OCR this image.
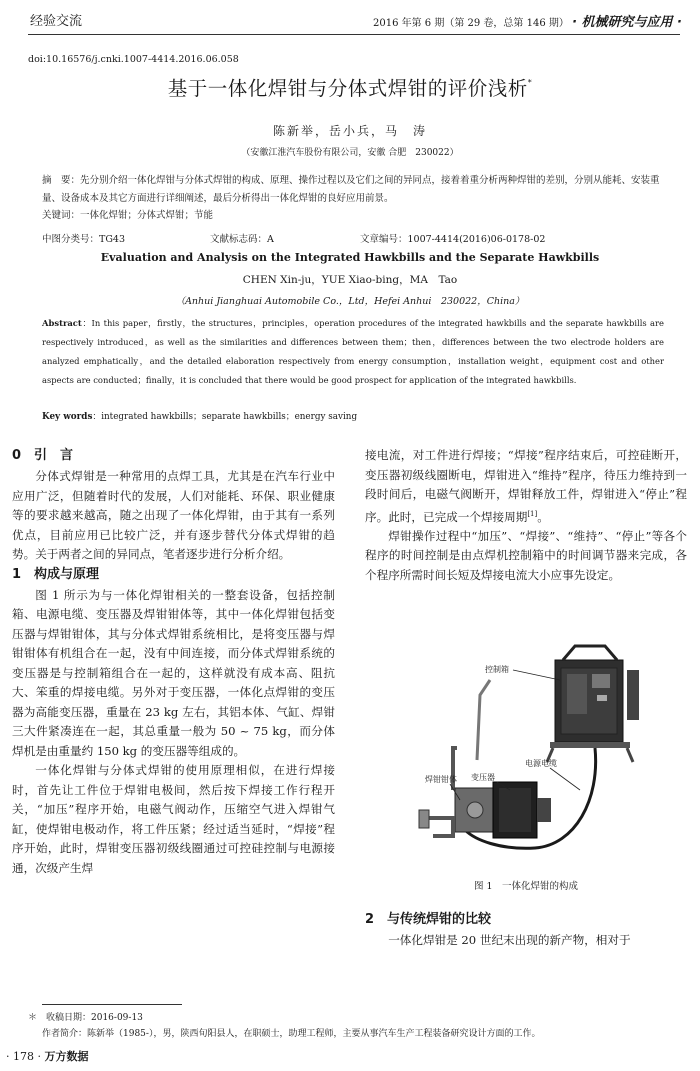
经验交流	2016 年第 6 期（第 29 卷，总第 146 期） · 机械研究与应用 ·
doi:10.16576/j.cnki.1007-4414.2016.06.058
基于一体化焊钳与分体式焊钳的评价浅析*
陈新举，岳小兵，马　涛
（安徽江淮汽车股份有限公司，安徽 合肥　230022）
摘　要：先分别介绍一体化焊钳与分体式焊钳的构成、原理、操作过程以及它们之间的异同点，接着着重分析两种焊钳的差别，分别从能耗、安装重量、设备成本及其它方面进行详细阐述，最后分析得出一体化焊钳的良好应用前景。
关键词：一体化焊钳；分体式焊钳；节能
中图分类号：TG43	文献标志码：A	文章编号：1007-4414(2016)06-0178-02
Evaluation and Analysis on the Integrated Hawkbills and the Separate Hawkbills
CHEN Xin-ju，YUE Xiao-bing，MA　Tao
（Anhui Jianghuai Automobile Co.，Ltd，Hefei Anhui　230022，China）
Abstract：In this paper，firstly，the structures，principles，operation procedures of the integrated hawkbills and the separate hawkbills are respectively introduced，as well as the similarities and differences between them；then，differences between the two electrode holders are analyzed emphatically，and the detailed elaboration respectively from energy consumption，installation weight，equipment cost and other aspects are conducted；finally，it is concluded that there would be good prospect for application of the integrated hawkbills.
Key words：integrated hawkbills；separate hawkbills；energy saving
0 引　言

分体式焊钳是一种常用的点焊工具，尤其是在汽车行业中应用广泛，但随着时代的发展，人们对能耗、环保、职业健康等的要求越来越高，随之出现了一体化焊钳，由于其有一系列优点，目前应用已比较广泛，并有逐步替代分体式焊钳的趋势。关于两者之间的异同点，笔者逐步进行分析介绍。

1 构成与原理

图 1 所示为与一体化焊钳相关的一整套设备，包括控制箱、电源电缆、变压器及焊钳钳体等，其中一体化焊钳包括变压器与焊钳钳体，其与分体式焊钳系统相比，是将变压器与焊钳钳体有机组合在一起，没有中间连接，而分体式焊钳系统的变压器是与控制箱组合在一起的，这样就没有成本高、阻抗大、笨重的焊接电缆。另外对于变压器，一体化点焊钳的变压器为高能变压器，重量在 23 kg 左右，其铝本体、气缸、焊钳三大件紧凑连在一起，其总重量一般为 50 ~ 75 kg，而分体焊机是由重量约 150 kg 的变压器等组成的。

一体化焊钳与分体式焊钳的使用原理相似，在进行焊接时，首先让工件位于焊钳电极间，然后按下焊接工作行程开关，“加压”程序开始，电磁气阀动作，压缩空气进入焊钳气缸，使焊钳电极动作，将工件压紧；经过适当延时，“焊接”程序开始，此时，焊钳变压器初级线圈通过可控硅控制与电源接通，次级产生焊

接电流，对工件进行焊接；“焊接”程序结束后，可控硅断开，变压器初级线圈断电，焊钳进入“维持”程序，待压力维持到一段时间后，电磁气阀断开，焊钳释放工件，焊钳进入“停止”程序。此时，已完成一个焊接周期[1]。

焊钳操作过程中“加压”、“焊接”、“维持”、“停止”等各个程序的时间控制是由点焊机控制箱中的时间调节器来完成，各个程序所需时间长短及焊接电流大小应事先设定。

控制箱
电源电缆
变压器
焊钳钳体
图 1　一体化焊钳的构成
2 与传统焊钳的比较

一体化焊钳是 20 世纪末出现的新产物，相对于

＊　收稿日期：2016-09-13
作者简介：陈新举（1985-），男，陕西旬阳县人，在职硕士，助理工程师，主要从事汽车生产工程装备研究设计方面的工作。
· 178 · 万方数据
